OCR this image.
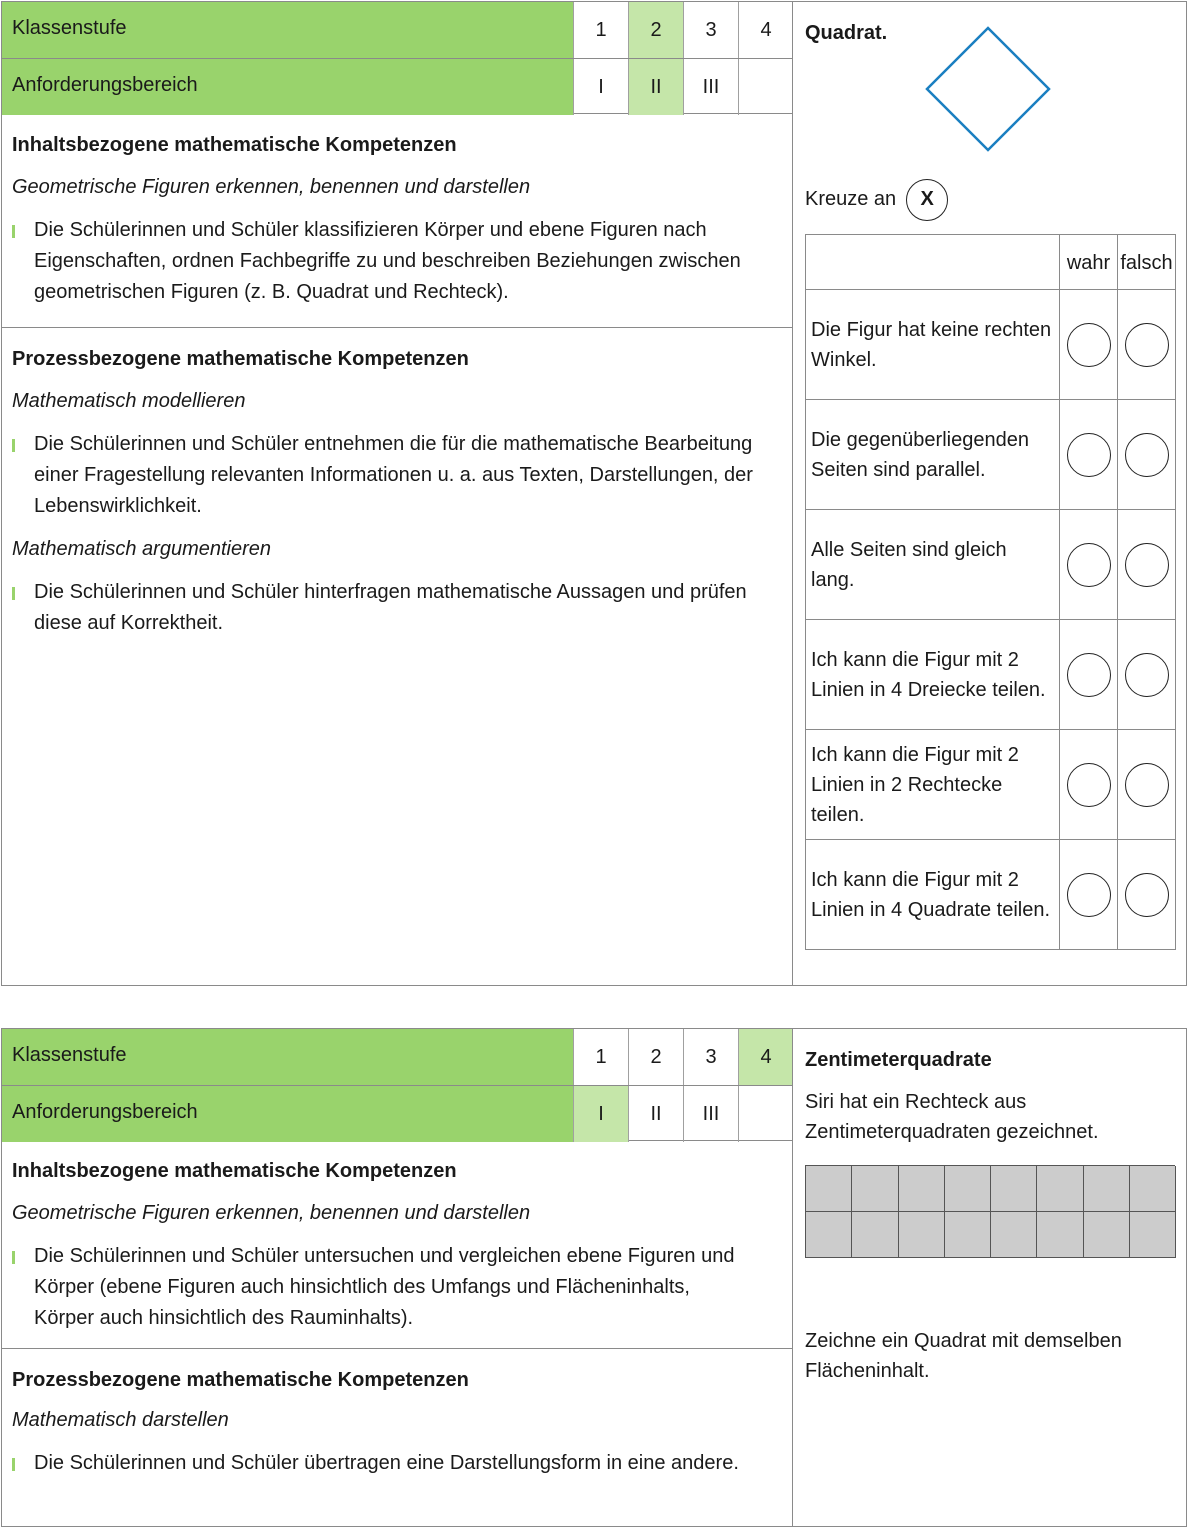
Klassenstufe	1	2	3	4
Anforderungsbereich	I	II	III
Inhaltsbezogene mathematische Kompetenzen
Geometrische Figuren erkennen, benennen und darstellen
Die Schülerinnen und Schüler klassifizieren Körper und ebene Figuren nach Eigenschaften, ordnen Fachbegriffe zu und beschreiben Beziehungen zwischen geometrischen Figuren (z. B. Quadrat und Rechteck).
Prozessbezogene mathematische Kompetenzen
Mathematisch modellieren
Die Schülerinnen und Schüler entnehmen die für die mathematische Bearbeitung einer Fragestellung relevanten Informationen u. a. aus Texten, Darstellungen, der Lebenswirklichkeit.
Mathematisch argumentieren
Die Schülerinnen und Schüler hinterfragen mathematische Aussagen und prüfen diese auf Korrektheit.
Quadrat.
Kreuze an X
	wahr	falsch
Die Figur hat keine rechten Winkel.		
Die gegenüberliegenden Seiten sind parallel.		
Alle Seiten sind gleich lang.		
Ich kann die Figur mit 2 Linien in 4 Dreiecke teilen.		
Ich kann die Figur mit 2 Linien in 2 Rechtecke teilen.		
Ich kann die Figur mit 2 Linien in 4 Quadrate teilen.		
Klassenstufe	1	2	3	4
Anforderungsbereich	I	II	III
Inhaltsbezogene mathematische Kompetenzen
Geometrische Figuren erkennen, benennen und darstellen
Die Schülerinnen und Schüler untersuchen und vergleichen ebene Figuren und Körper (ebene Figuren auch hinsichtlich des Umfangs und Flächeninhalts, Körper auch hinsichtlich des Rauminhalts).
Prozessbezogene mathematische Kompetenzen
Mathematisch darstellen
Die Schülerinnen und Schüler übertragen eine Darstellungsform in eine andere.
Zentimeterquadrate
Siri hat ein Rechteck aus Zentimeterquadraten gezeichnet.
Zeichne ein Quadrat mit demselben Flächeninhalt.
